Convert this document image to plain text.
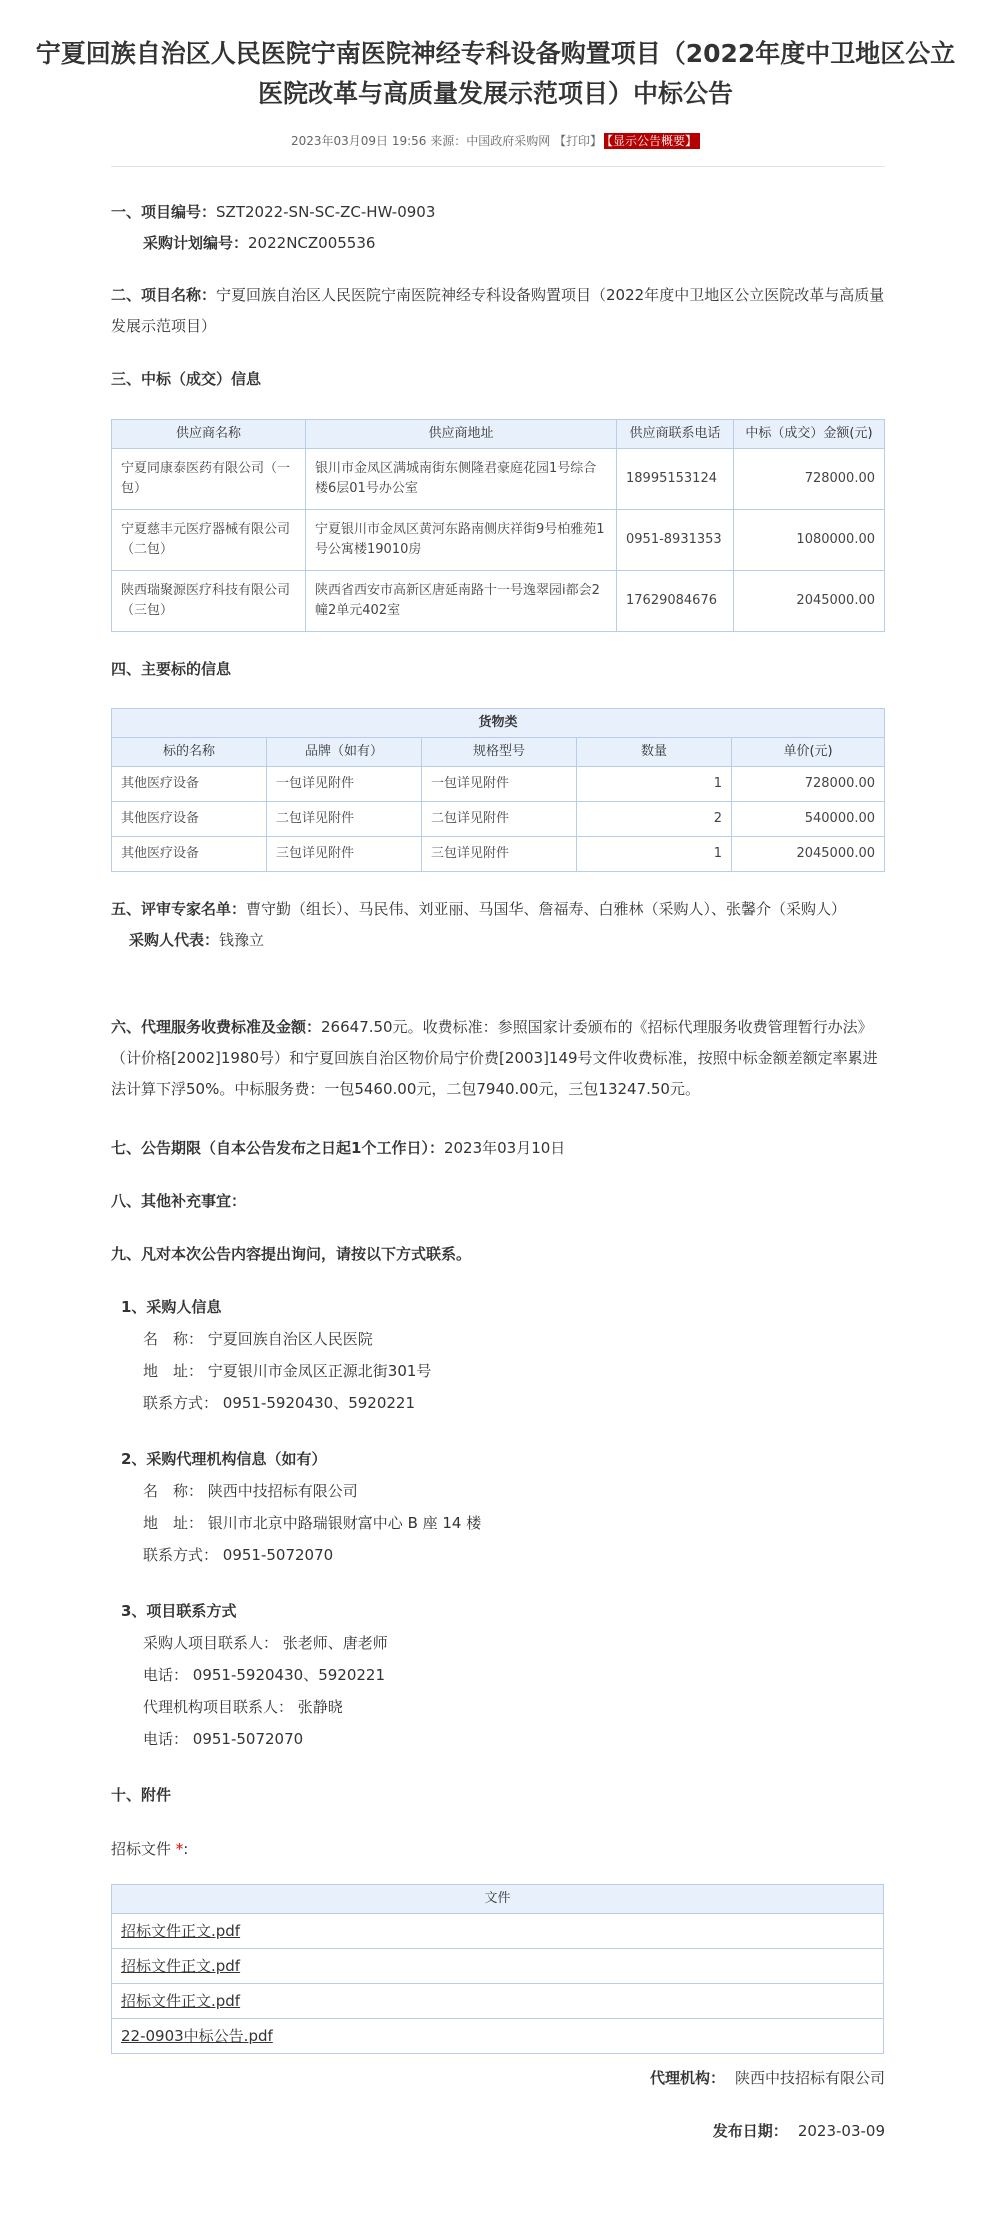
宁夏回族自治区人民医院宁南医院神经专科设备购置项目（2022年度中卫地区公立
医院改革与高质量发展示范项目）中标公告
2023年03月09日 19:56 来源：中国政府采购网 【打印】 【显示公告概要】
一、项目编号：SZT2022-SN-SC-ZC-HW-0903
采购计划编号：2022NCZ005536
二、项目名称：宁夏回族自治区人民医院宁南医院神经专科设备购置项目（2022年度中卫地区公立医院改革与高质量发展示范项目）
三、中标（成交）信息
供应商名称	供应商地址	供应商联系电话	中标（成交）金额(元)
宁夏同康泰医药有限公司（一包）	银川市金凤区满城南街东侧隆君豪庭花园1号综合楼6层01号办公室	18995153124	728000.00
宁夏慈丰元医疗器械有限公司（二包）	宁夏银川市金凤区黄河东路南侧庆祥街9号柏雅苑1号公寓楼19010房	0951-8931353	1080000.00
陕西瑞聚源医疗科技有限公司（三包）	陕西省西安市高新区唐延南路十一号逸翠园i都会2幢2单元402室	17629084676	2045000.00
四、主要标的信息
货物类				
标的名称	品牌（如有）	规格型号	数量	单价(元)
其他医疗设备	一包详见附件	一包详见附件	1	728000.00
其他医疗设备	二包详见附件	二包详见附件	2	540000.00
其他医疗设备	三包详见附件	三包详见附件	1	2045000.00
五、评审专家名单：曹守勤（组长）、马民伟、刘亚丽、马国华、詹福寿、白雅林（采购人）、张馨介（采购人）
采购人代表：钱豫立
六、代理服务收费标准及金额：26647.50元。收费标准：参照国家计委颁布的《招标代理服务收费管理暂行办法》（计价格[2002]1980号）和宁夏回族自治区物价局宁价费[2003]149号文件收费标准，按照中标金额差额定率累进法计算下浮50%。中标服务费：一包5460.00元，二包7940.00元，三包13247.50元。
七、公告期限（自本公告发布之日起1个工作日）：2023年03月10日
八、其他补充事宜：
九、凡对本次公告内容提出询问，请按以下方式联系。
1、采购人信息
名　称： 宁夏回族自治区人民医院
地　址： 宁夏银川市金凤区正源北街301号
联系方式： 0951-5920430、5920221
2、采购代理机构信息（如有）
名　称： 陕西中技招标有限公司
地　址： 银川市北京中路瑞银财富中心 B 座 14 楼
联系方式： 0951-5072070
3、项目联系方式
采购人项目联系人： 张老师、唐老师
电话： 0951-5920430、5920221
代理机构项目联系人： 张静晓
电话： 0951-5072070
十、附件
招标文件 *:
文件
招标文件正文.pdf
招标文件正文.pdf
招标文件正文.pdf
22-0903中标公告.pdf
代理机构： 陕西中技招标有限公司
发布日期： 2023-03-09
